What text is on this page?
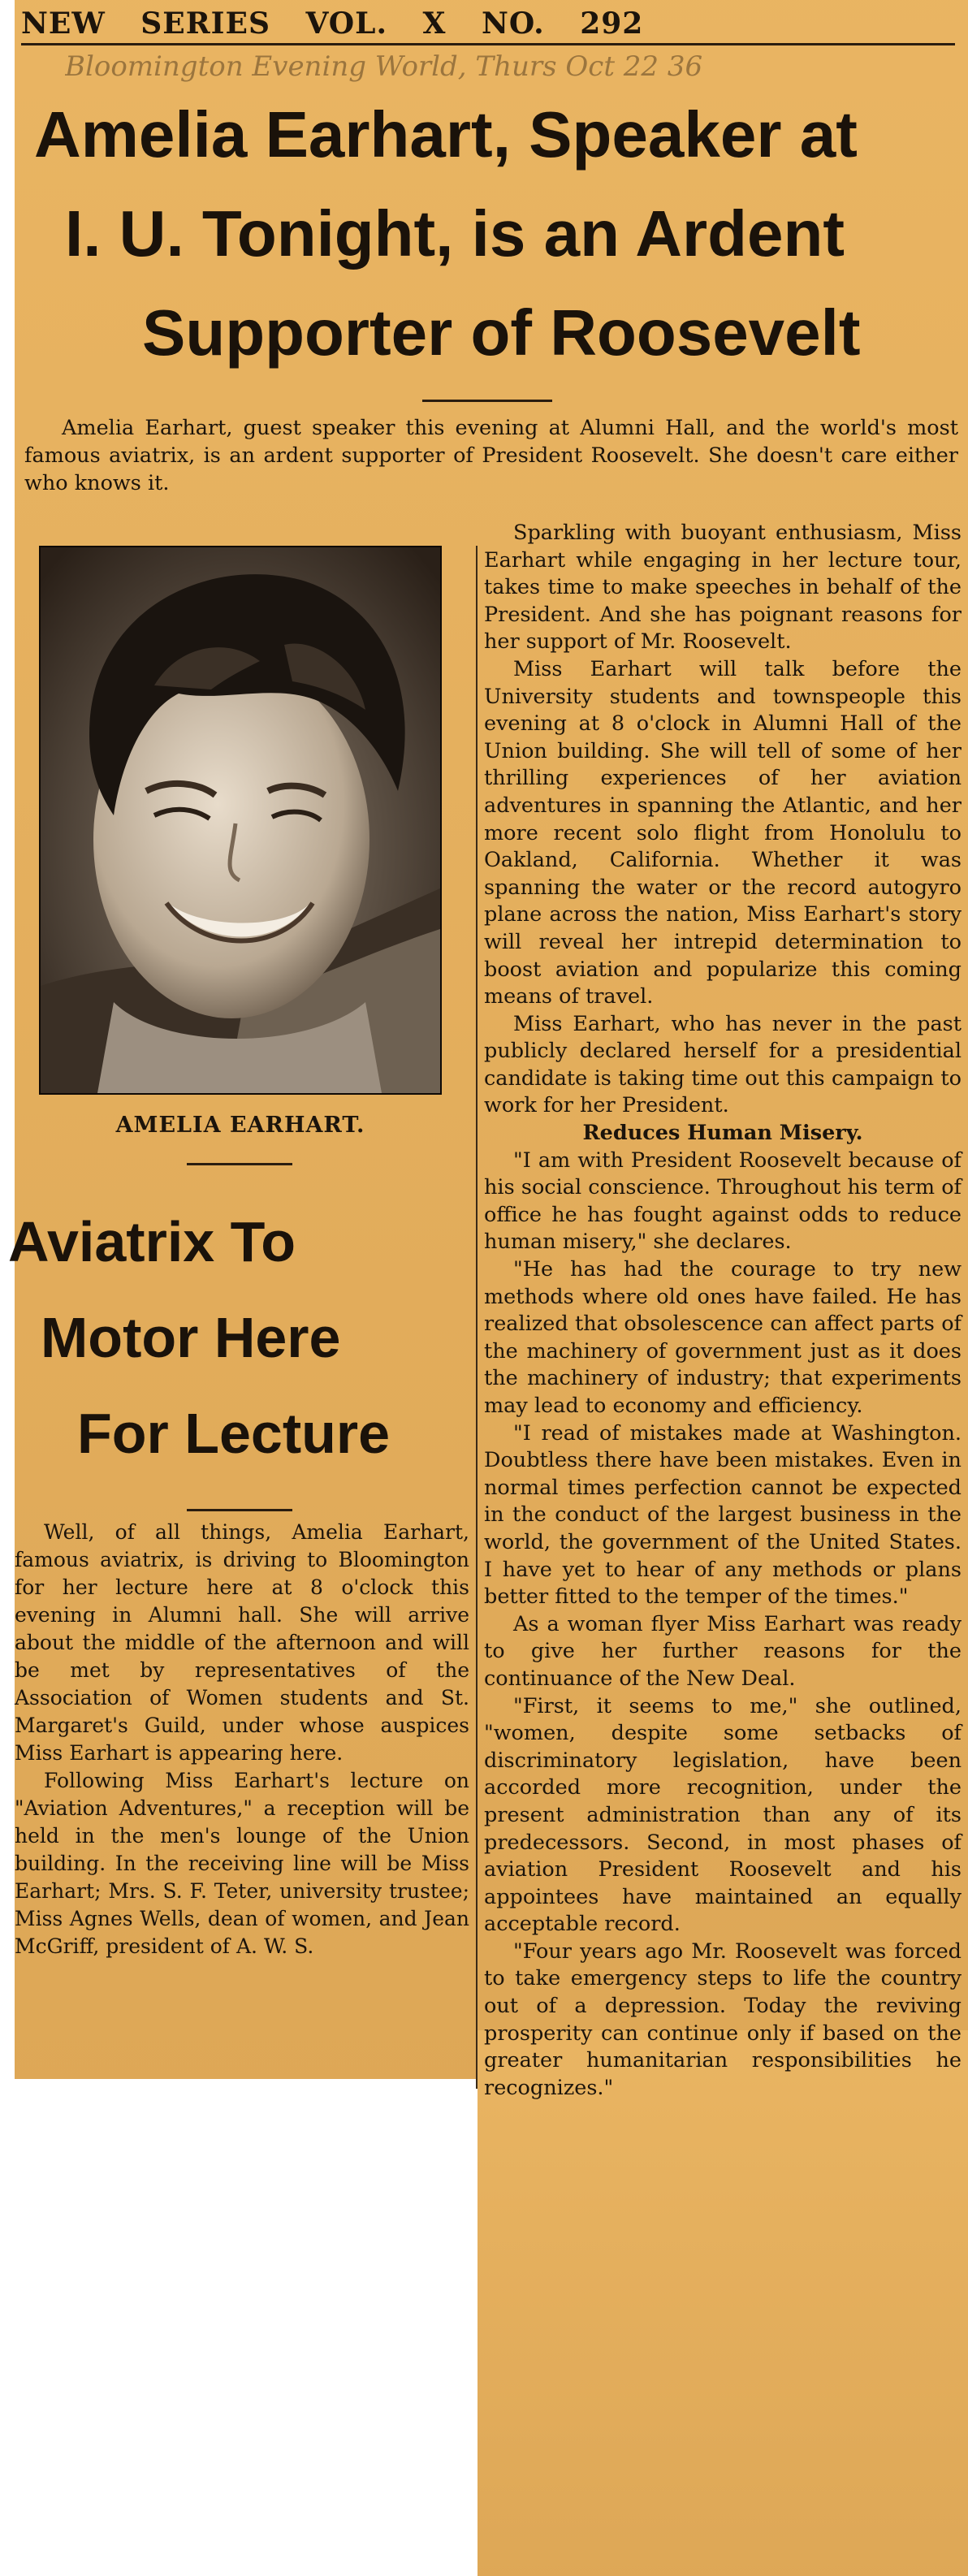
NEW SERIES VOL. X NO. 292
Bloomington Evening World, Thurs Oct 22 36
Amelia Earhart, Speaker at
I. U. Tonight, is an Ardent
Supporter of Roosevelt
Amelia Earhart, guest speaker this evening at Alumni Hall, and the world's most famous aviatrix, is an ardent supporter of President Roosevelt. She doesn't care either who knows it.
AMELIA EARHART.
Aviatrix To
Motor Here
For Lecture

Well, of all things, Amelia Earhart, famous aviatrix, is driving to Bloomington for her lecture here at 8 o'clock this evening in Alumni hall. She will arrive about the middle of the afternoon and will be met by representatives of the Association of Women students and St. Margaret's Guild, under whose auspices Miss Earhart is appearing here.

Following Miss Earhart's lecture on "Aviation Adventures," a reception will be held in the men's lounge of the Union building. In the receiving line will be Miss Earhart; Mrs. S. F. Teter, university trustee; Miss Agnes Wells, dean of women, and Jean McGriff, president of A. W. S.

Sparkling with buoyant enthusiasm, Miss Earhart while engaging in her lecture tour, takes time to make speeches in behalf of the President. And she has poignant reasons for her support of Mr. Roosevelt.

Miss Earhart will talk before the University students and townspeople this evening at 8 o'clock in Alumni Hall of the Union building. She will tell of some of her thrilling experiences of her aviation adventures in spanning the Atlantic, and her more recent solo flight from Honolulu to Oakland, California. Whether it was spanning the water or the record autogyro plane across the nation, Miss Earhart's story will reveal her intrepid determination to boost aviation and popularize this coming means of travel.

Miss Earhart, who has never in the past publicly declared herself for a presidential candidate is taking time out this campaign to work for her President.

Reduces Human Misery.

"I am with President Roosevelt because of his social conscience. Throughout his term of office he has fought against odds to reduce human misery," she declares.

"He has had the courage to try new methods where old ones have failed. He has realized that obsolescence can affect parts of the machinery of government just as it does the machinery of industry; that experiments may lead to economy and efficiency.

"I read of mistakes made at Washington. Doubtless there have been mistakes. Even in normal times perfection cannot be expected in the conduct of the largest business in the world, the government of the United States. I have yet to hear of any methods or plans better fitted to the temper of the times."

As a woman flyer Miss Earhart was ready to give her further reasons for the continuance of the New Deal.

"First, it seems to me," she outlined, "women, despite some setbacks of discriminatory legislation, have been accorded more recognition, under the present administration than any of its predecessors. Second, in most phases of aviation President Roosevelt and his appointees have maintained an equally acceptable record.

"Four years ago Mr. Roosevelt was forced to take emergency steps to life the country out of a depression. Today the reviving prosperity can continue only if based on the greater humanitarian responsibilities he recognizes."
